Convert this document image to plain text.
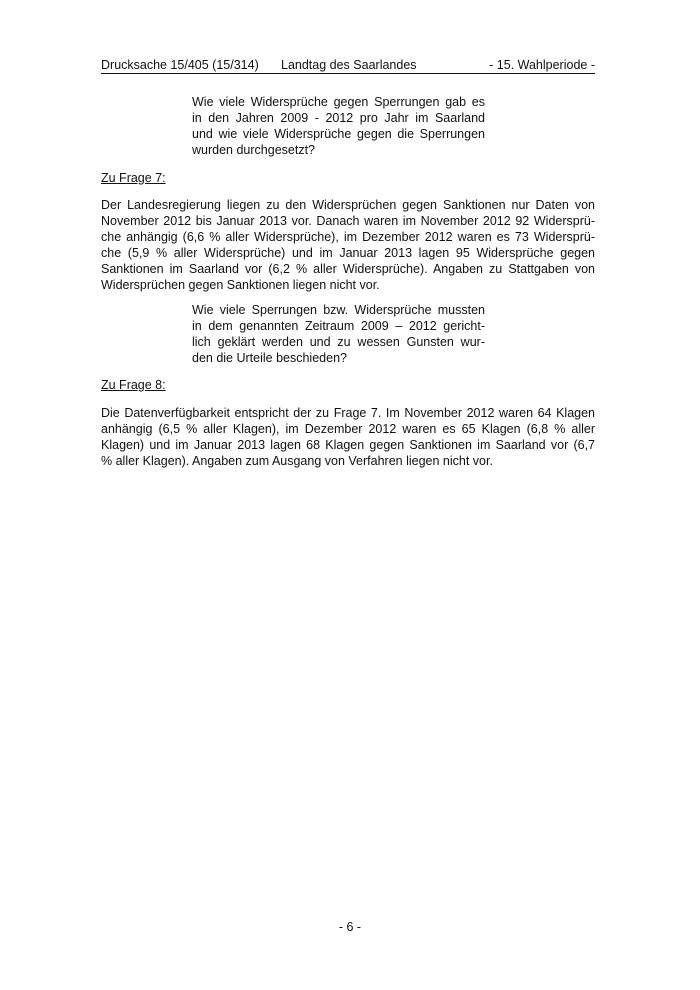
Drucksache 15/405 (15/314) Landtag des Saarlandes	- 15. Wahlperiode -
Wie viele Widersprüche gegen Sperrungen gab es
in den Jahren 2009 - 2012 pro Jahr im Saarland
und wie viele Widersprüche gegen die Sperrungen
wurden durchgesetzt?
Zu Frage 7:
Der Landesregierung liegen zu den Widersprüchen gegen Sanktionen nur Daten von
November 2012 bis Januar 2013 vor. Danach waren im November 2012 92 Widersprü-
che anhängig (6,6 % aller Widersprüche), im Dezember 2012 waren es 73 Widersprü-
che (5,9 % aller Widersprüche) und im Januar 2013 lagen 95 Widersprüche gegen
Sanktionen im Saarland vor (6,2 % aller Widersprüche). Angaben zu Stattgaben von
Widersprüchen gegen Sanktionen liegen nicht vor.
Wie viele Sperrungen bzw. Widersprüche mussten
in dem genannten Zeitraum 2009 – 2012 gericht-
lich geklärt werden und zu wessen Gunsten wur-
den die Urteile beschieden?
Zu Frage 8:
Die Datenverfügbarkeit entspricht der zu Frage 7. Im November 2012 waren 64 Klagen
anhängig (6,5 % aller Klagen), im Dezember 2012 waren es 65 Klagen (6,8 % aller
Klagen) und im Januar 2013 lagen 68 Klagen gegen Sanktionen im Saarland vor (6,7
% aller Klagen). Angaben zum Ausgang von Verfahren liegen nicht vor.
- 6 -
